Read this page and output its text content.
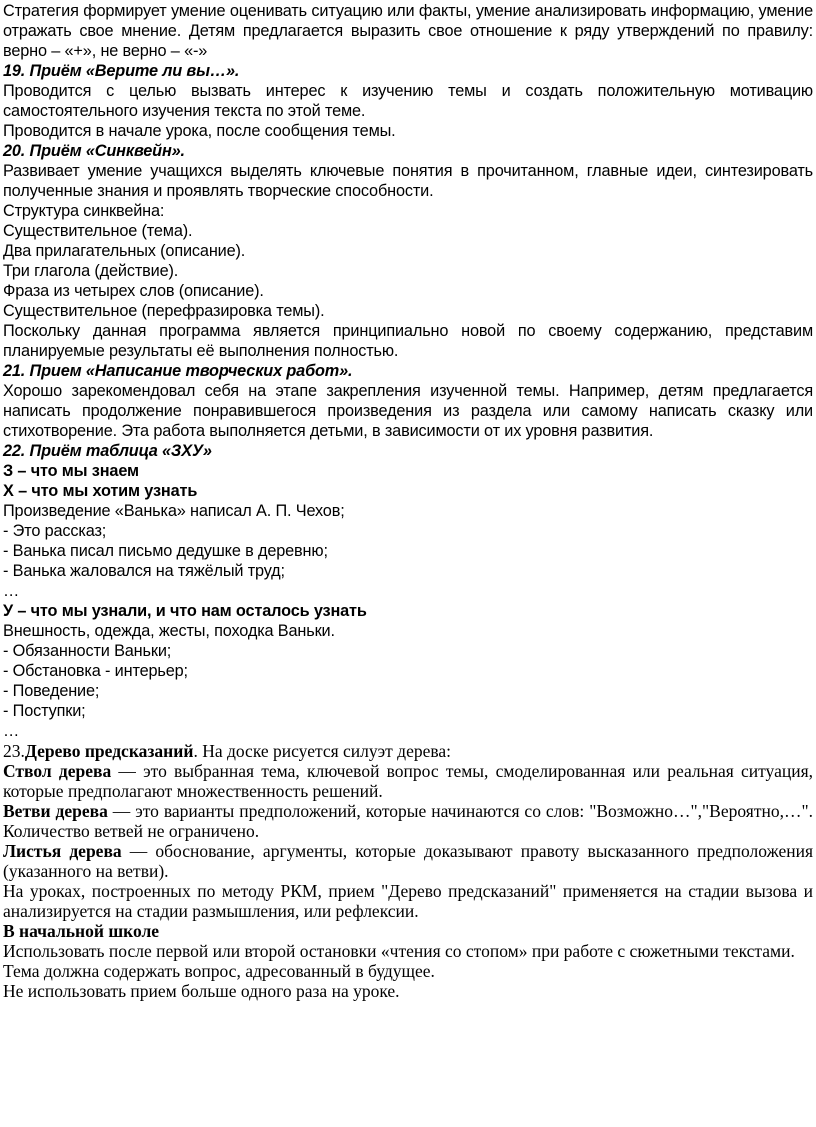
Стратегия формирует умение оценивать ситуацию или факты, умение анализировать информацию, умение отражать свое мнение. Детям предлагается выразить свое отношение к ряду утверждений по правилу: верно – «+», не верно – «-»

19. Приём «Верите ли вы…».

Проводится с целью вызвать интерес к изучению темы и создать положительную мотивацию самостоятельного изучения текста по этой теме.

Проводится в начале урока, после сообщения темы.

20. Приём «Синквейн».

Развивает умение учащихся выделять ключевые понятия в прочитанном, главные идеи, синтезировать полученные знания и проявлять творческие способности.

Структура синквейна:

Существительное (тема).

Два прилагательных (описание).

Три глагола (действие).

Фраза из четырех слов (описание).

Существительное (перефразировка темы).

Поскольку данная программа является принципиально новой по своему содержанию, представим планируемые результаты её выполнения полностью.

21. Прием «Написание творческих работ».

Хорошо зарекомендовал себя на этапе закрепления изученной темы. Например, детям предлагается написать продолжение понравившегося произведения из раздела или самому написать сказку или стихотворение. Эта работа выполняется детьми, в зависимости от их уровня развития.

22. Приём таблица «ЗХУ»

З – что мы знаем

Х – что мы хотим узнать

Произведение «Ванька» написал А. П. Чехов;

- Это рассказ;

- Ванька писал письмо дедушке в деревню;

- Ванька жаловался на тяжёлый труд;

…

У – что мы узнали, и что нам осталось узнать

Внешность, одежда, жесты, походка Ваньки.

- Обязанности Ваньки;

- Обстановка - интерьер;

- Поведение;

- Поступки;

…

23.Дерево предсказаний. На доске рисуется силуэт дерева:

Ствол дерева — это выбранная тема, ключевой вопрос темы, смоделированная или реальная ситуация, которые предполагают множественность решений.

Ветви дерева — это варианты предположений, которые начинаются со слов: "Возможно…","Вероятно,…". Количество ветвей не ограничено.

Листья дерева — обоснование, аргументы, которые доказывают правоту высказанного предположения (указанного на ветви).

На уроках, построенных по методу РКМ, прием "Дерево предсказаний" применяется на стадии вызова и анализируется на стадии размышления, или рефлексии.

В начальной школе

Использовать после первой или второй остановки «чтения со стопом» при работе с сюжетными текстами.

Тема должна содержать вопрос, адресованный в будущее.

Не использовать прием больше одного раза на уроке.
